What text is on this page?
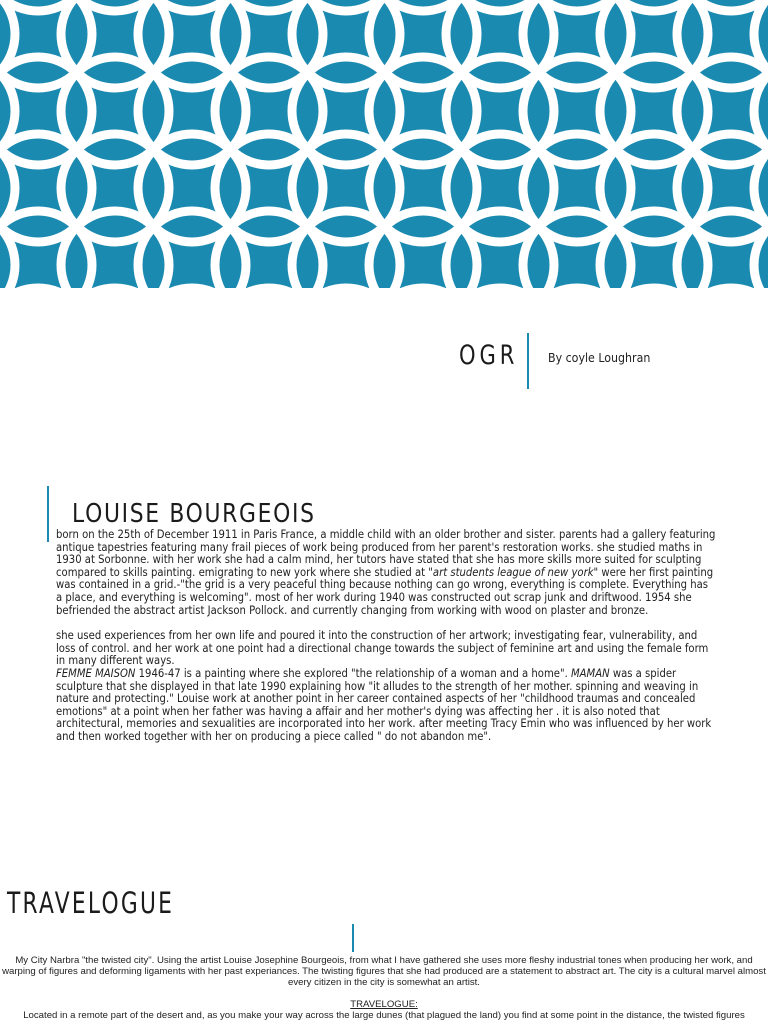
OGR By coyle Loughran
LOUISE BOURGEOIS

born on the 25th of December 1911 in Paris France, a middle child with an older brother and sister. parents had a gallery featuring antique tapestries featuring many frail pieces of work being produced from her parent's restoration works. she studied maths in 1930 at Sorbonne. with her work she had a calm mind, her tutors have stated that she has more skills more suited for sculpting compared to skills painting. emigrating to new york where she studied at "art students league of new york" were her first painting was contained in a grid.-"the grid is a very peaceful thing because nothing can go wrong, everything is complete. Everything has a place, and everything is welcoming". most of her work during 1940 was constructed out scrap junk and driftwood. 1954 she befriended the abstract artist Jackson Pollock. and currently changing from working with wood on plaster and bronze.

she used experiences from her own life and poured it into the construction of her artwork; investigating fear, vulnerability, and loss of control. and her work at one point had a directional change towards the subject of feminine art and using the female form in many different ways.

FEMME MAISON 1946-47 is a painting where she explored "the relationship of a woman and a home". MAMAN was a spider sculpture that she displayed in that late 1990 explaining how "it alludes to the strength of her mother. spinning and weaving in nature and protecting." Louise work at another point in her career contained aspects of her "childhood traumas and concealed emotions" at a point when her father was having a affair and her mother's dying was affecting her . it is also noted that architectural, memories and sexualities are incorporated into her work. after meeting Tracy Emin who was influenced by her work and then worked together with her on producing a piece called " do not abandon me".

TRAVELOGUE

My City Narbra "the twisted city". Using the artist Louise Josephine Bourgeois, from what I have gathered she uses more fleshy industrial tones when producing her work, and warping of figures and deforming ligaments with her past experiances. The twisting figures that she had produced are a statement to abstract art. The city is a cultural marvel almost every citizen in the city is somewhat an artist.

TRAVELOGUE:

Located in a remote part of the desert and, as you make your way across the large dunes (that plagued the land) you find at some point in the distance, the twisted figures
